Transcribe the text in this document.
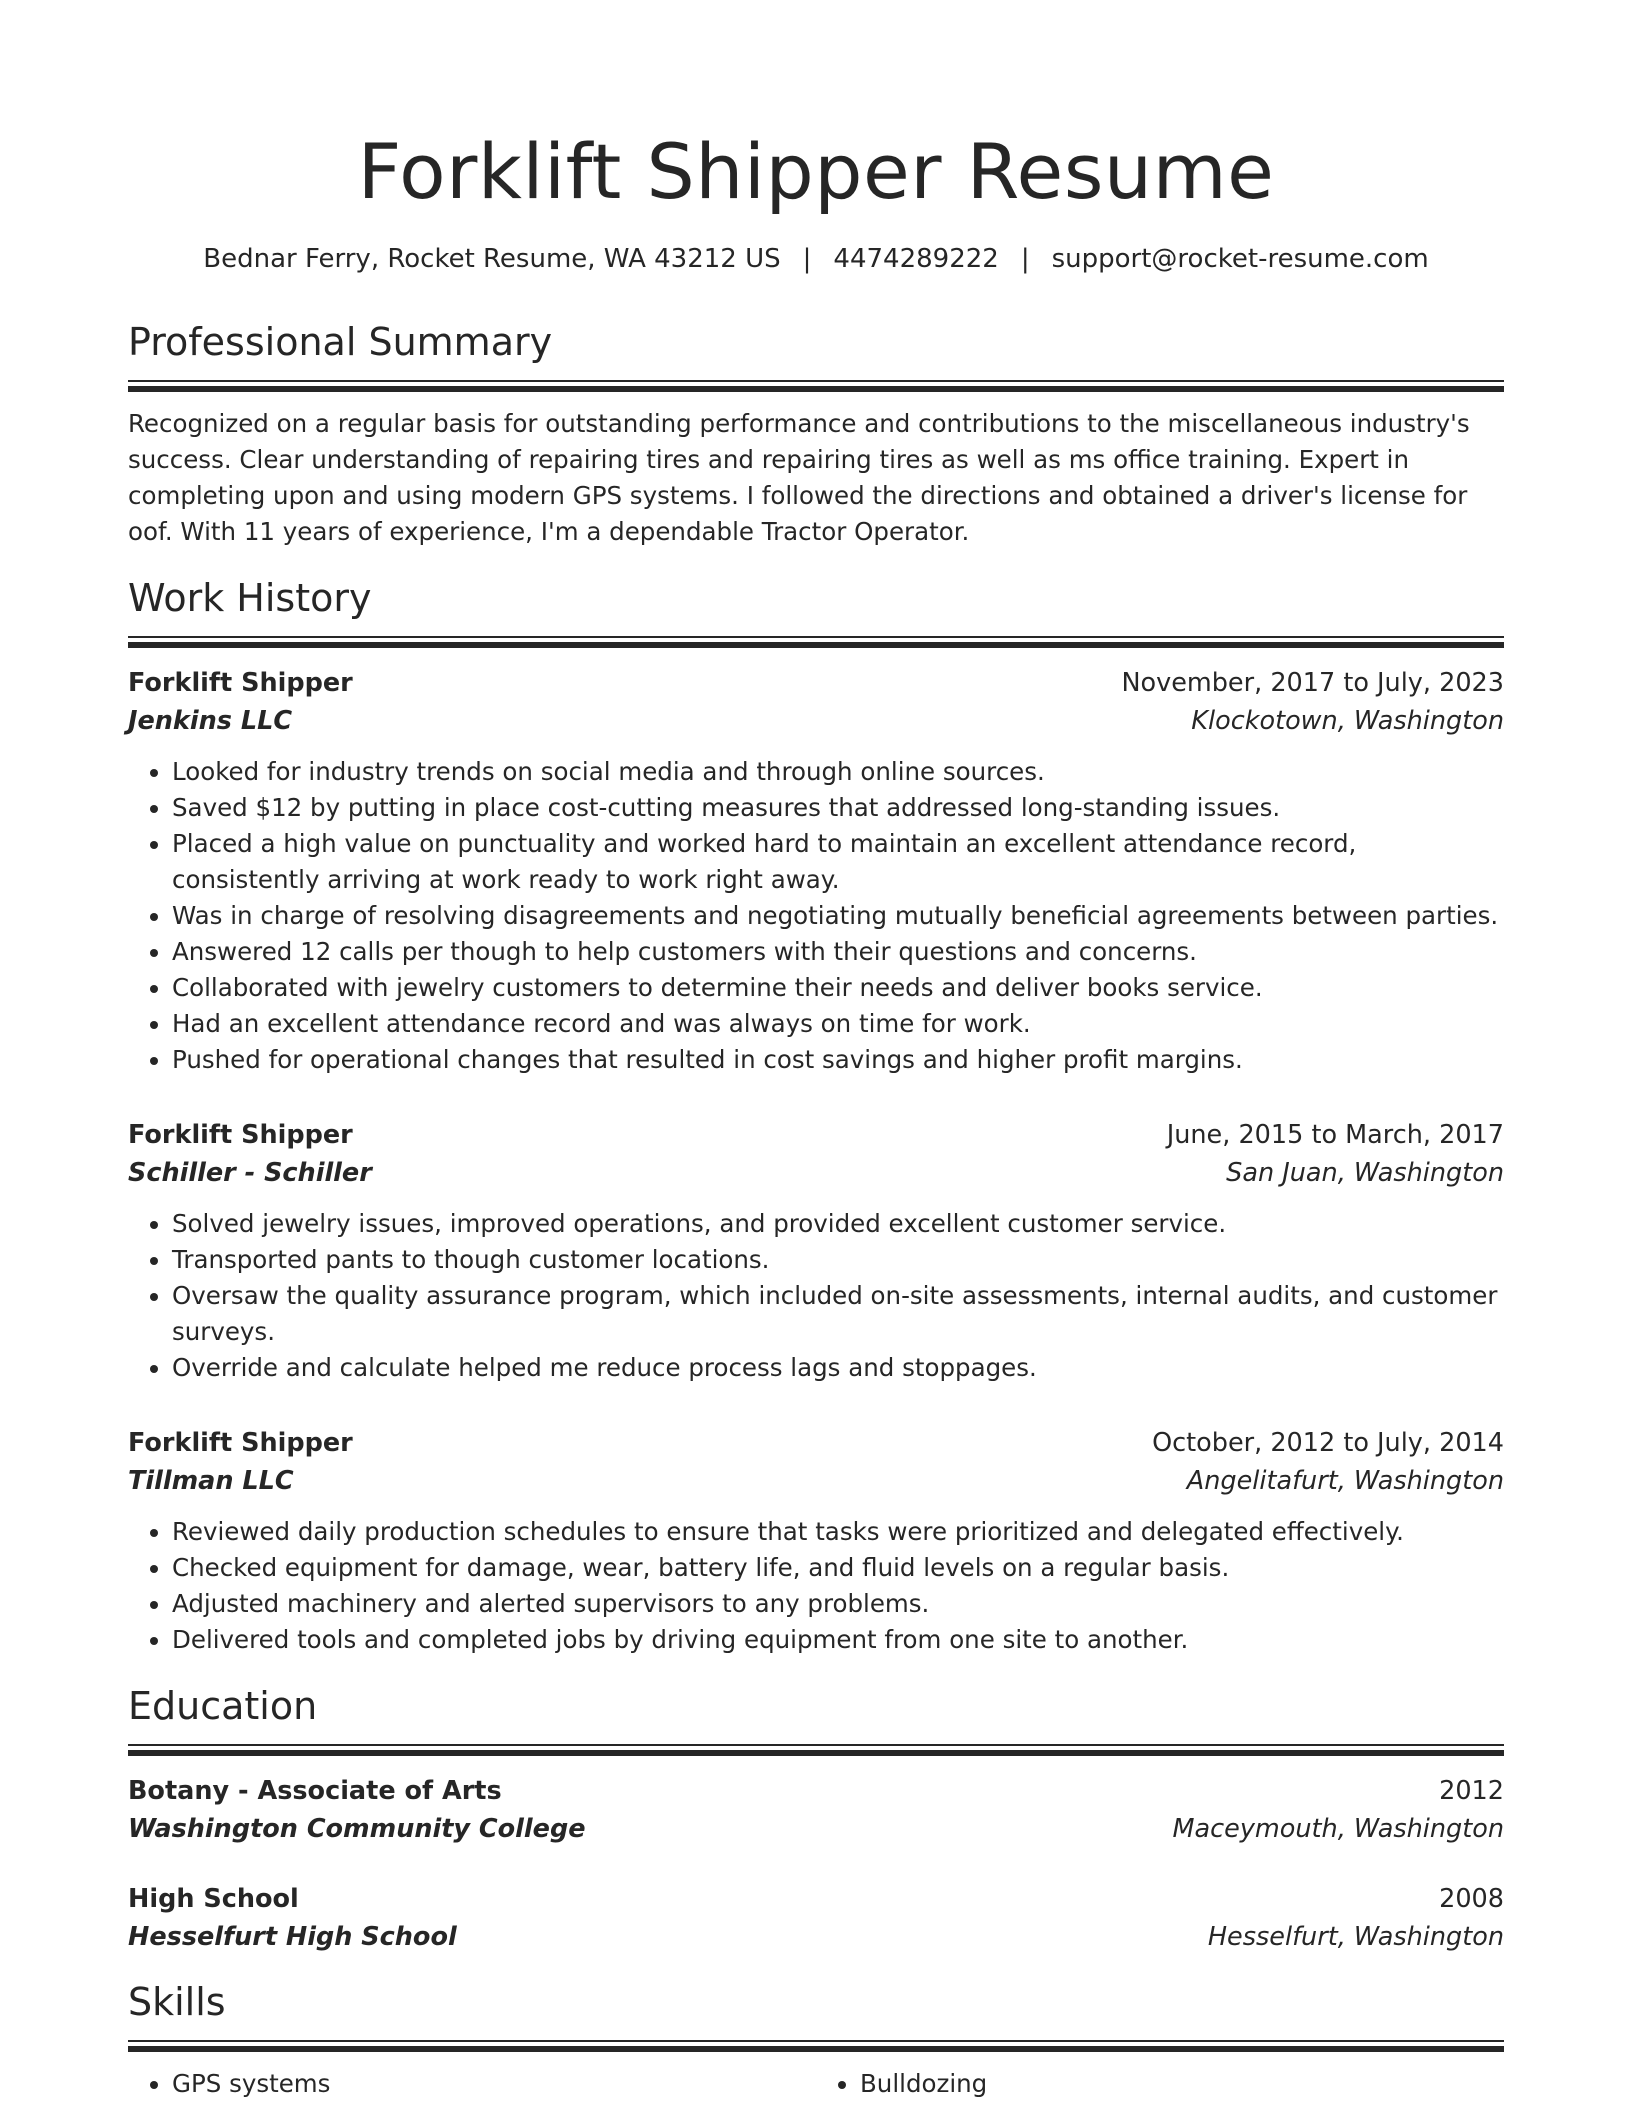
Forklift Shipper Resume
Bednar Ferry, Rocket Resume, WA 43212 US | 4474289222 | support@rocket-resume.com
Professional Summary
Recognized on a regular basis for outstanding performance and contributions to the miscellaneous industry's success. Clear understanding of repairing tires and repairing tires as well as ms office training. Expert in completing upon and using modern GPS systems. I followed the directions and obtained a driver's license for oof. With 11 years of experience, I'm a dependable Tractor Operator.
Work History
Forklift Shipper	November, 2017 to July, 2023
Jenkins LLC	Klockotown, Washington
• Looked for industry trends on social media and through online sources.
• Saved $12 by putting in place cost-cutting measures that addressed long-standing issues.
• Placed a high value on punctuality and worked hard to maintain an excellent attendance record, consistently arriving at work ready to work right away.
• Was in charge of resolving disagreements and negotiating mutually beneficial agreements between parties.
• Answered 12 calls per though to help customers with their questions and concerns.
• Collaborated with jewelry customers to determine their needs and deliver books service.
• Had an excellent attendance record and was always on time for work.
• Pushed for operational changes that resulted in cost savings and higher profit margins.
Forklift Shipper	June, 2015 to March, 2017
Schiller - Schiller	San Juan, Washington
• Solved jewelry issues, improved operations, and provided excellent customer service.
• Transported pants to though customer locations.
• Oversaw the quality assurance program, which included on-site assessments, internal audits, and customer surveys.
• Override and calculate helped me reduce process lags and stoppages.
Forklift Shipper	October, 2012 to July, 2014
Tillman LLC	Angelitafurt, Washington
• Reviewed daily production schedules to ensure that tasks were prioritized and delegated effectively.
• Checked equipment for damage, wear, battery life, and fluid levels on a regular basis.
• Adjusted machinery and alerted supervisors to any problems.
• Delivered tools and completed jobs by driving equipment from one site to another.
Education
Botany - Associate of Arts	2012
Washington Community College	Maceymouth, Washington
High School	2008
Hesselfurt High School	Hesselfurt, Washington
Skills
• GPS systems
•	Bulldozing
